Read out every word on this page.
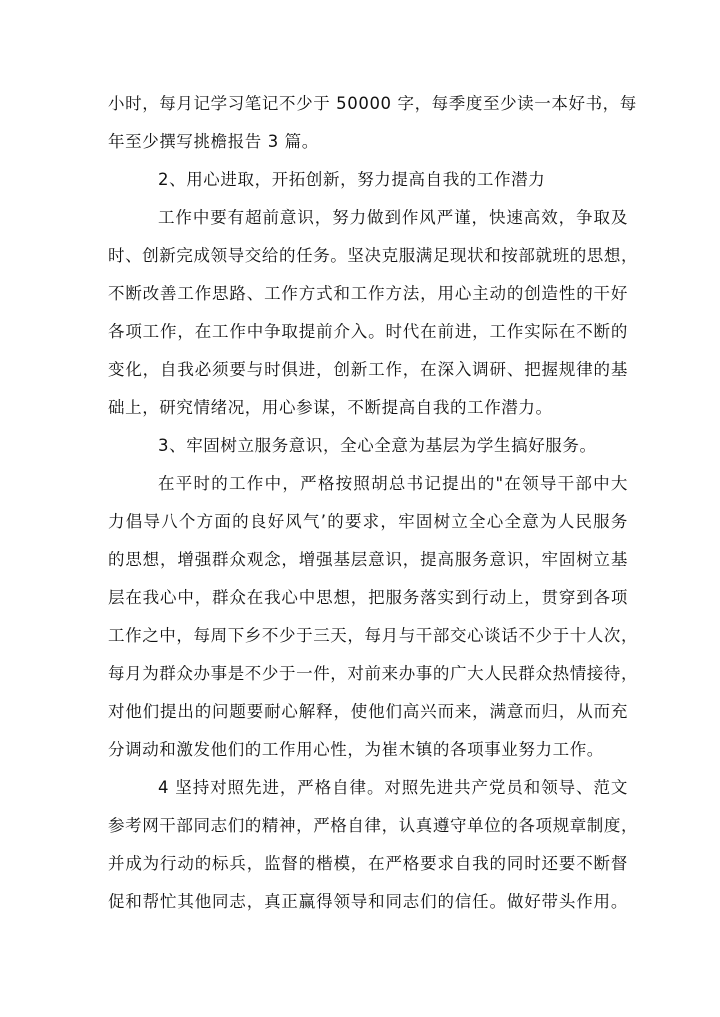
小时，每月记学习笔记不少于 50000 字，每季度至少读一本好书，每
年至少撰写挑檐报告 3 篇。
2、用心进取，开拓创新，努力提高自我的工作潜力
工作中要有超前意识，努力做到作风严谨，快速高效，争取及
时、创新完成领导交给的任务。坚决克服满足现状和按部就班的思想，
不断改善工作思路、工作方式和工作方法，用心主动的创造性的干好
各项工作，在工作中争取提前介入。时代在前进，工作实际在不断的
变化，自我必须要与时俱进，创新工作，在深入调研、把握规律的基
础上，研究情绪况，用心参谋，不断提高自我的工作潜力。
3、牢固树立服务意识，全心全意为基层为学生搞好服务。
在平时的工作中，严格按照胡总书记提出的"在领导干部中大
力倡导八个方面的良好风气’的要求，牢固树立全心全意为人民服务
的思想，增强群众观念，增强基层意识，提高服务意识，牢固树立基
层在我心中，群众在我心中思想，把服务落实到行动上，贯穿到各项
工作之中，每周下乡不少于三天，每月与干部交心谈话不少于十人次，
每月为群众办事是不少于一件，对前来办事的广大人民群众热情接待，
对他们提出的问题要耐心解释，使他们高兴而来，满意而归，从而充
分调动和激发他们的工作用心性，为崔木镇的各项事业努力工作。
4 坚持对照先进，严格自律。对照先进共产党员和领导、范文
参考网干部同志们的精神，严格自律，认真遵守单位的各项规章制度，
并成为行动的标兵，监督的楷模，在严格要求自我的同时还要不断督
促和帮忙其他同志，真正赢得领导和同志们的信任。做好带头作用。
